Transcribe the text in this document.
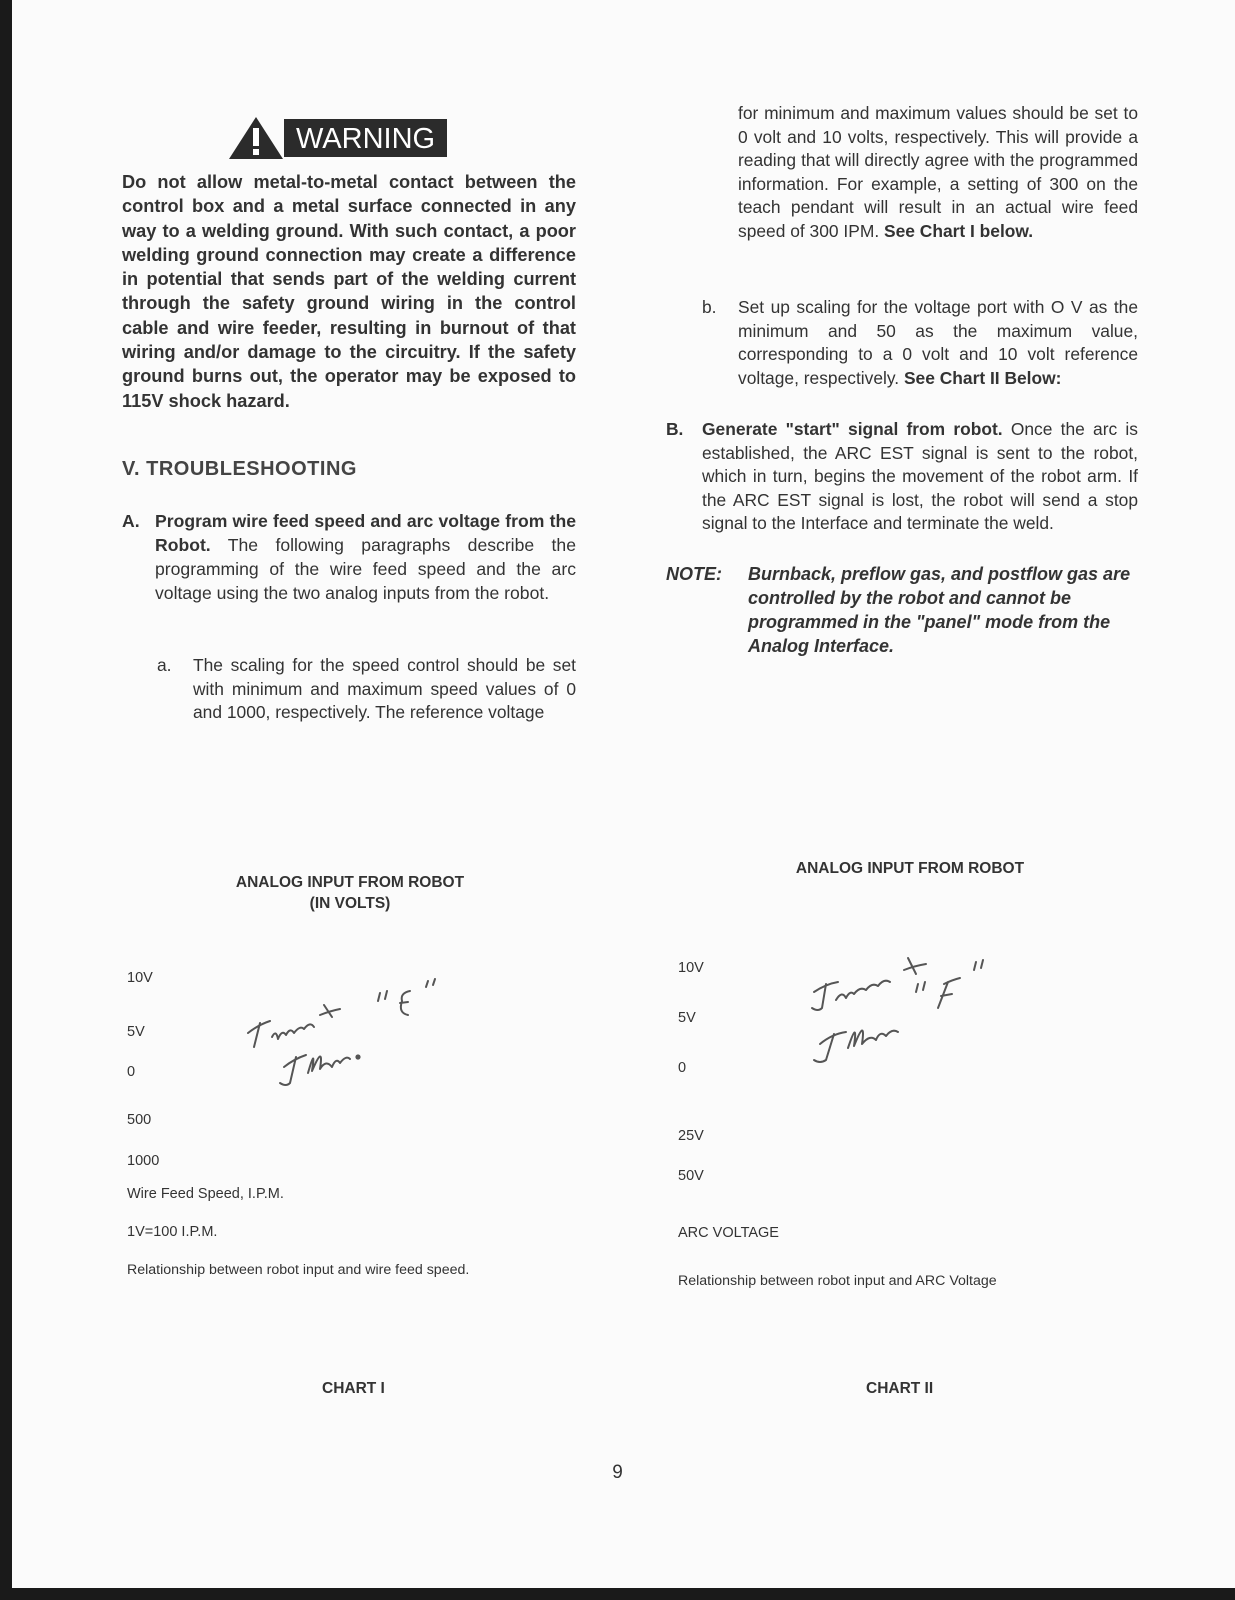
WARNING
Do not allow metal-to-metal contact between the control box and a metal surface connected in any way to a welding ground. With such contact, a poor welding ground connection may create a difference in potential that sends part of the welding current through the safety ground wiring in the control cable and wire feeder, resulting in burnout of that wiring and/or damage to the circuitry. If the safety ground burns out, the operator may be exposed to 115V shock hazard.
V. TROUBLESHOOTING
A. Program wire feed speed and arc voltage from the Robot. The following paragraphs describe the programming of the wire feed speed and the arc voltage using the two analog inputs from the robot.
a. The scaling for the speed control should be set with minimum and maximum speed values of 0 and 1000, respectively. The reference voltage
for minimum and maximum values should be set to 0 volt and 10 volts, respectively. This will provide a reading that will directly agree with the programmed information. For example, a setting of 300 on the teach pendant will result in an actual wire feed speed of 300 IPM. See Chart I below.
b. Set up scaling for the voltage port with O V as the minimum and 50 as the maximum value, corresponding to a 0 volt and 10 volt reference voltage, respectively. See Chart II Below:
B. Generate "start" signal from robot. Once the arc is established, the ARC EST signal is sent to the robot, which in turn, begins the movement of the robot arm. If the ARC EST signal is lost, the robot will send a stop signal to the Interface and terminate the weld.
NOTE: Burnback, preflow gas, and postflow gas are controlled by the robot and cannot be programmed in the "panel" mode from the Analog Interface.
ANALOG INPUT FROM ROBOT
(IN VOLTS)
10V
5V
0
500
1000
Wire Feed Speed, I.P.M.
1V=100 I.P.M.
Relationship between robot input and wire feed speed.
CHART I
ANALOG INPUT FROM ROBOT
10V
5V
0
25V
50V
ARC VOLTAGE
Relationship between robot input and ARC Voltage
CHART II
9
